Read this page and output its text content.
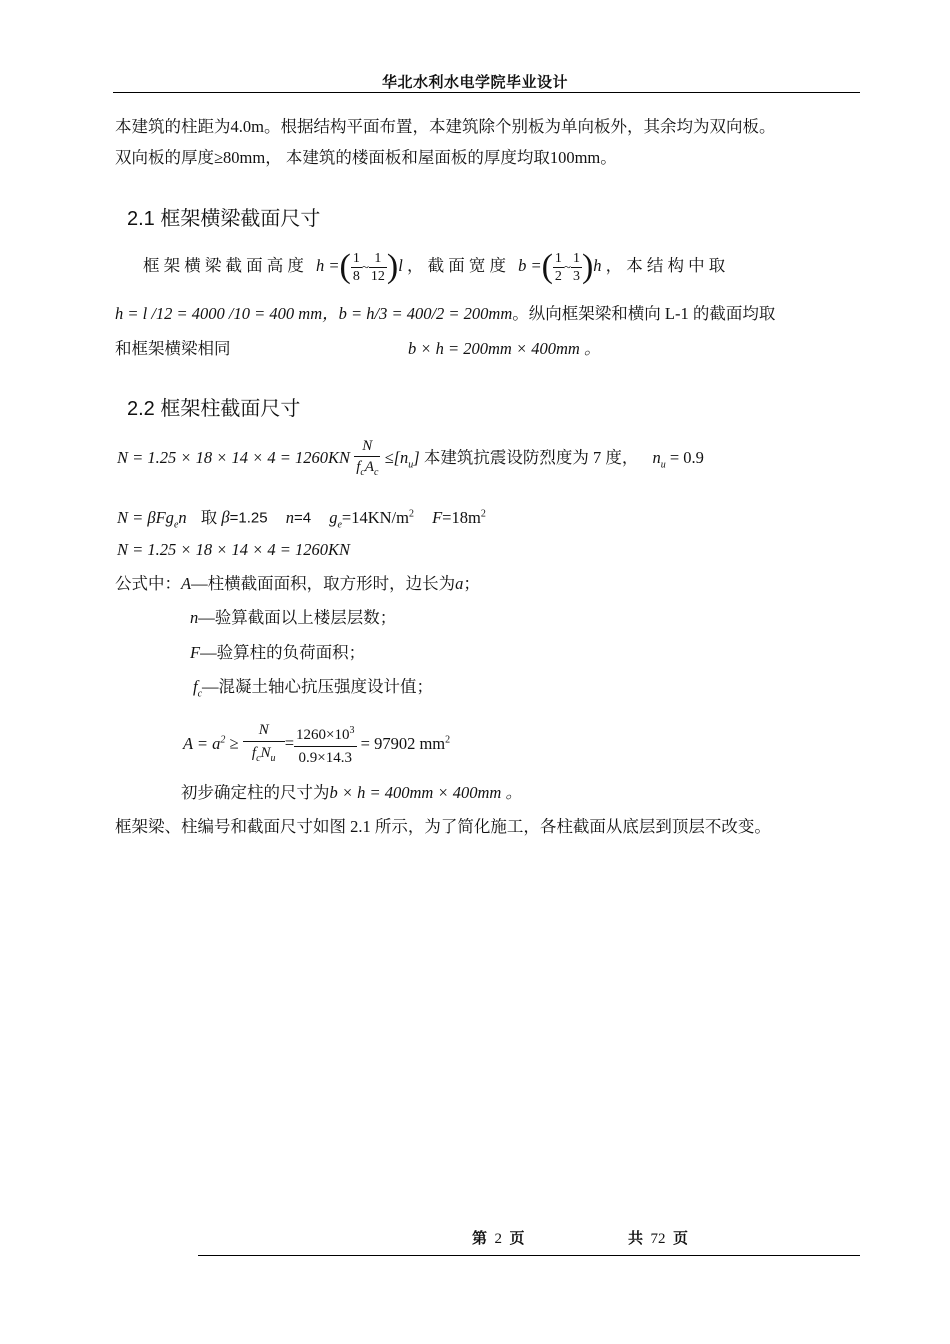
华北水利水电学院毕业设计
本建筑的柱距为4.0m。根据结构平面布置，本建筑除个别板为单向板外，其余均为双向板。
双向板的厚度≥80mm， 本建筑的楼面板和屋面板的厚度均取100mm。
2.1 框架横梁截面尺寸
框 架 横 梁 截 面 高 度 h =( $\frac{1}{8}$ ~ $\frac{1}{12} )l$ ， 截 面 宽 度 b =( $\frac{1}{2}$ ~ $\frac{1}{3} )h$ ， 本 结 构 中 取
h = l /12 = 4000 /10 = 400 mm，b = h/3 = 400/2 = 200mm。纵向框架梁和横向 L-1 的截面均取
和框架横梁相同	b × h = 200mm × 400mm 。
2.2 框架柱截面尺寸
$N = 1.25 \times 18 \times 14 \times 4 = 1260KN \frac{N}{f_cA_c} \le[n_u]$ 本建筑抗震设防烈度为 7 度， $n_u = 0.9$
N = βFg$_e$n 取 β=1.25 n=4 $g_e=14KN/m^2$ $F=18m^2$
N = 1.25 × 18 × 14 × 4 = 1260KN
公式中：A—柱横截面面积，取方形时，边长为a；
n—验算截面以上楼层层数；
F—验算柱的负荷面积；
$f_c—$混凝土轴心抗压强度设计值；
$A = a^2 \ge \frac{N}{f_cN_u} = \frac{1260\times 10^3}{0.9\times 14.3} = 97902$ $mm^2$
初步确定柱的尺寸为b × h = 400mm × 400mm 。
框架梁、柱编号和截面尺寸如图 2.1 所示，为了简化施工，各柱截面从底层到顶层不改变。
第 2 页	共 72 页
